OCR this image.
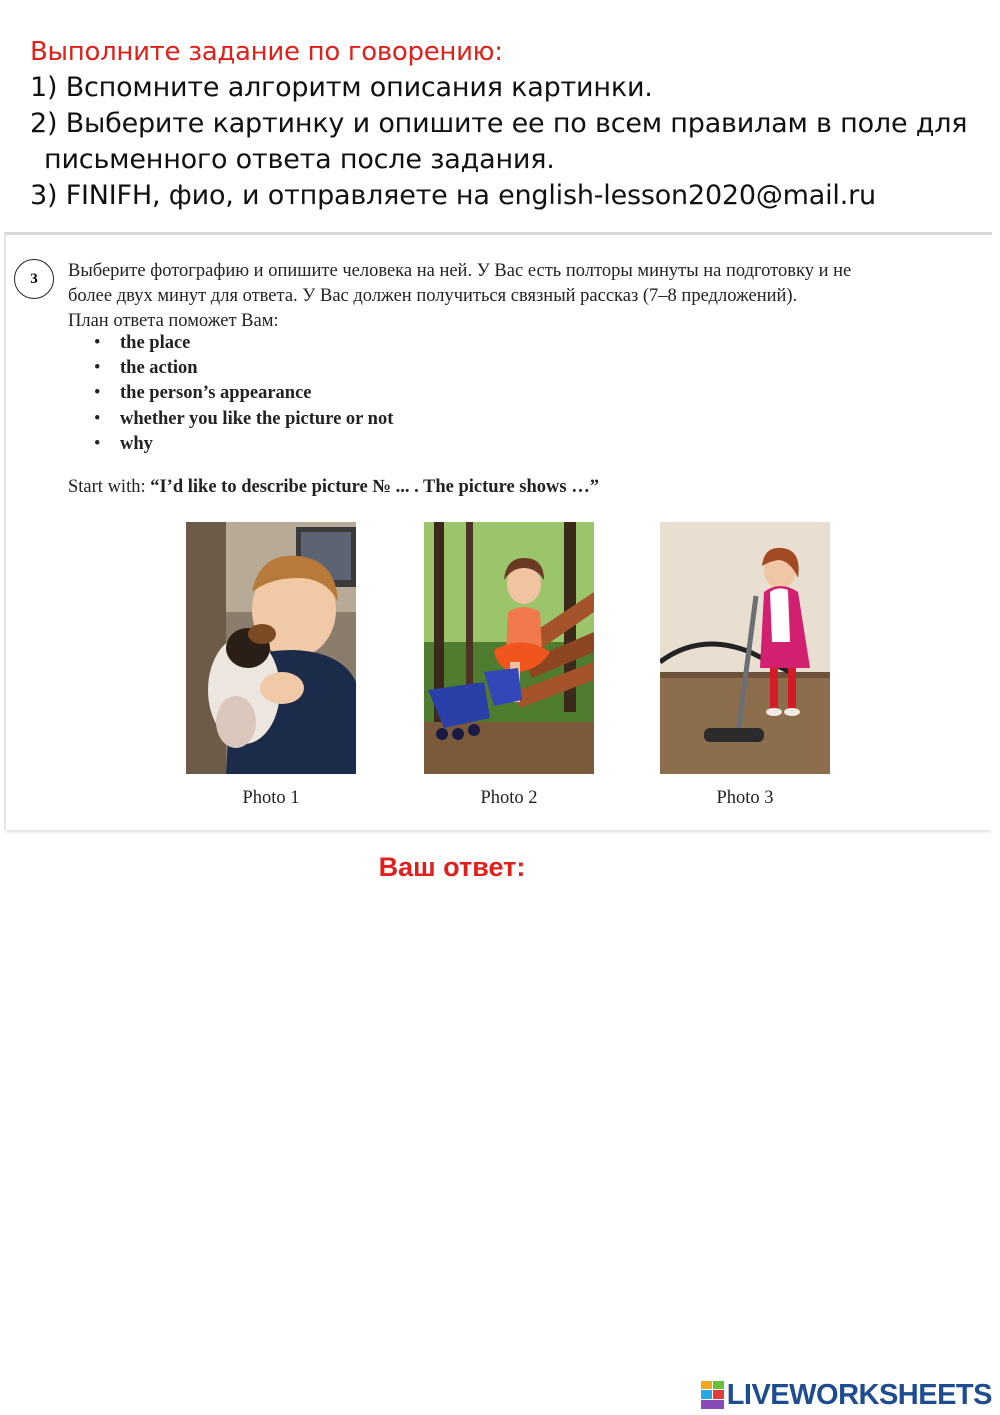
Выполните задание по говорению:
1) Вспомните алгоритм описания картинки.
2) Выберите картинку и опишите ее по всем правилам в поле для
письменного ответа после задания.
3) FINIFH, фио, и отправляете на english-lesson2020@mail.ru
3	Выберите фотографию и опишите человека на ней. У Вас есть полторы минуты на подготовку и не
более двух минут для ответа. У Вас должен получиться связный рассказ (7–8 предложений).
План ответа поможет Вам:
• the place
• the action
• the person’s appearance
• whether you like the picture or not
• why
Start with: “I’d like to describe picture № ... . The picture shows …”
Photo 1	Photo 2	Photo 3
Ваш ответ:
LIVEWORKSHEETS
